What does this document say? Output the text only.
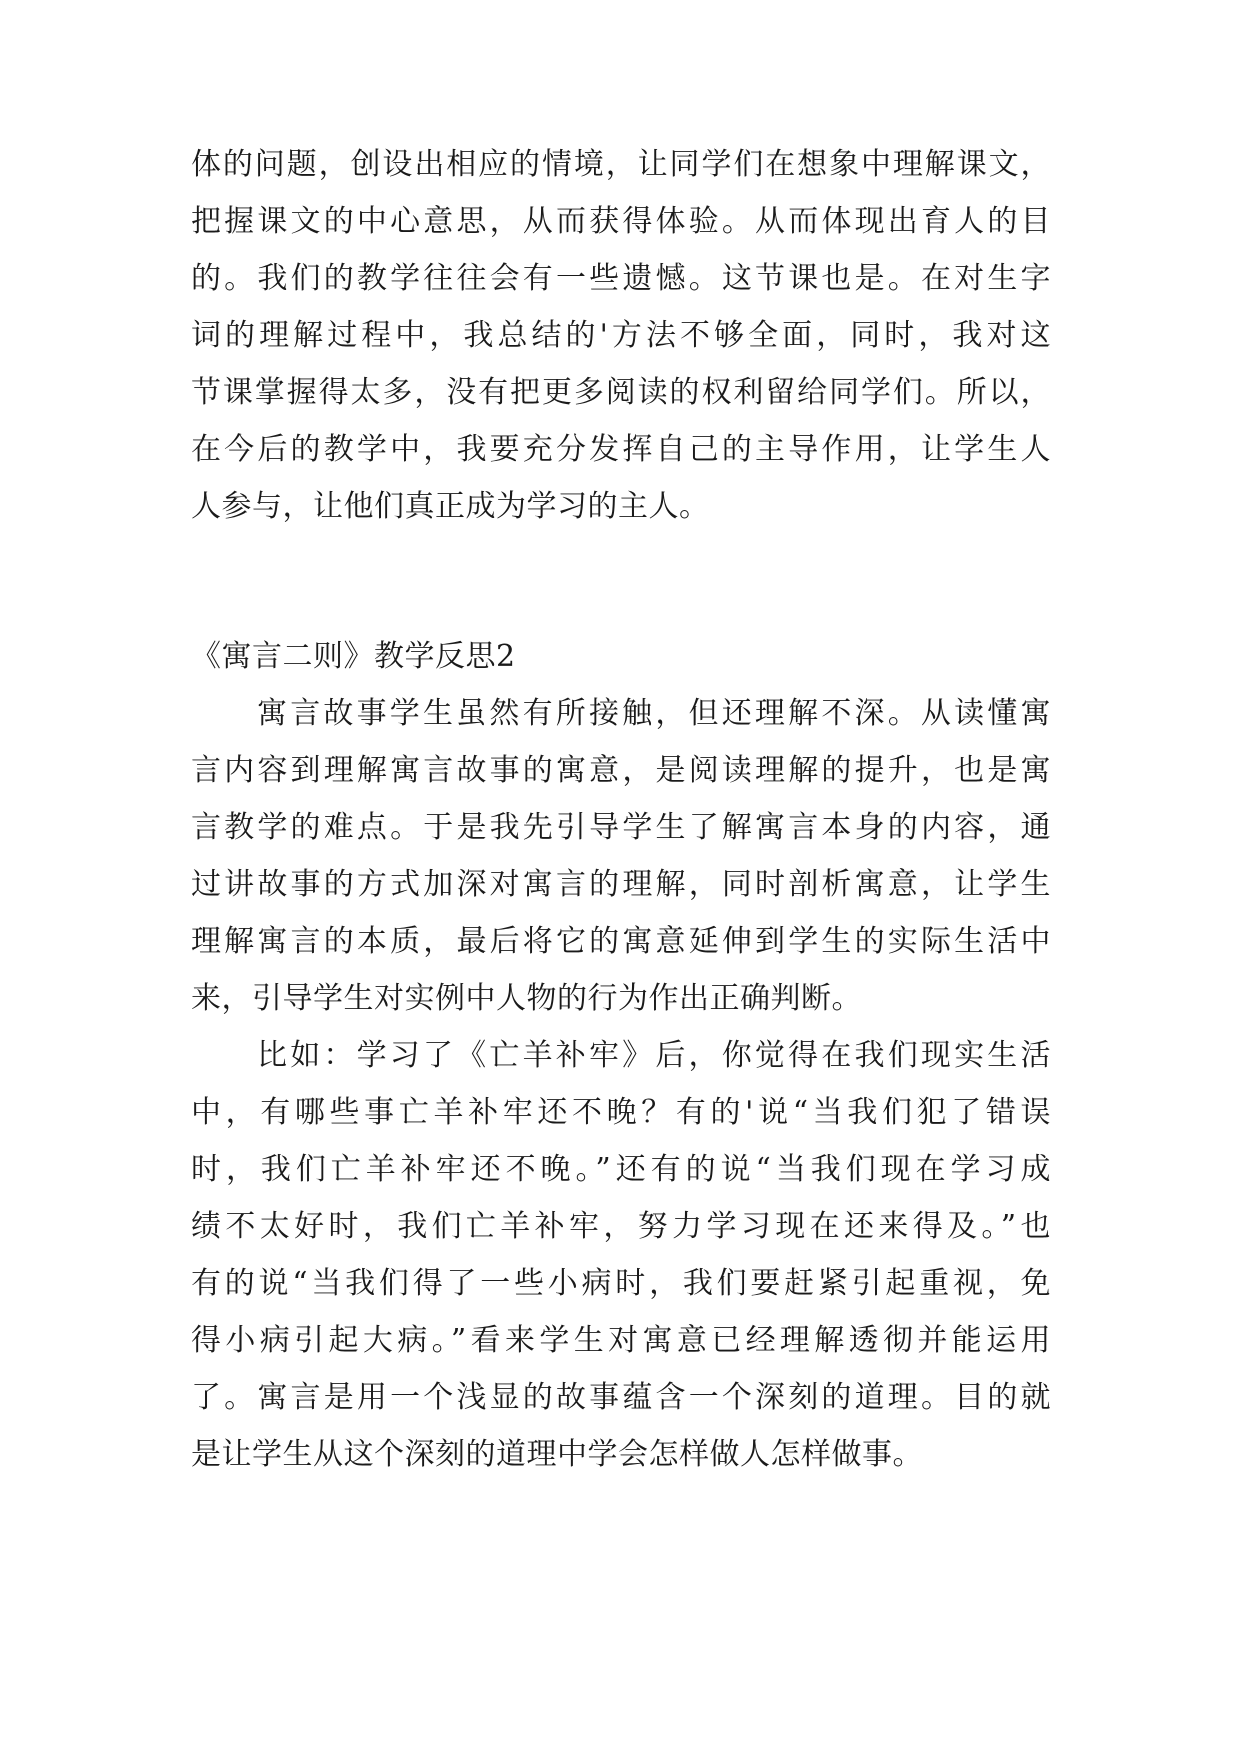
体的问题，创设出相应的情境，让同学们在想象中理解课文，
把握课文的中心意思，从而获得体验。从而体现出育人的目
的。我们的教学往往会有一些遗憾。这节课也是。在对生字
词的理解过程中，我总结的'方法不够全面，同时，我对这
节课掌握得太多，没有把更多阅读的权利留给同学们。所以，
在今后的教学中，我要充分发挥自己的主导作用，让学生人
人参与，让他们真正成为学习的主人。
《寓言二则》教学反思2
寓言故事学生虽然有所接触，但还理解不深。从读懂寓
言内容到理解寓言故事的寓意，是阅读理解的提升，也是寓
言教学的难点。于是我先引导学生了解寓言本身的内容，通
过讲故事的方式加深对寓言的理解，同时剖析寓意，让学生
理解寓言的本质，最后将它的寓意延伸到学生的实际生活中
来，引导学生对实例中人物的行为作出正确判断。
比如：学习了《亡羊补牢》后，你觉得在我们现实生活
中，有哪些事亡羊补牢还不晚？有的'说“当我们犯了错误
时，我们亡羊补牢还不晚。”还有的说“当我们现在学习成
绩不太好时，我们亡羊补牢，努力学习现在还来得及。”也
有的说“当我们得了一些小病时，我们要赶紧引起重视，免
得小病引起大病。”看来学生对寓意已经理解透彻并能运用
了。寓言是用一个浅显的故事蕴含一个深刻的道理。目的就
是让学生从这个深刻的道理中学会怎样做人怎样做事。
